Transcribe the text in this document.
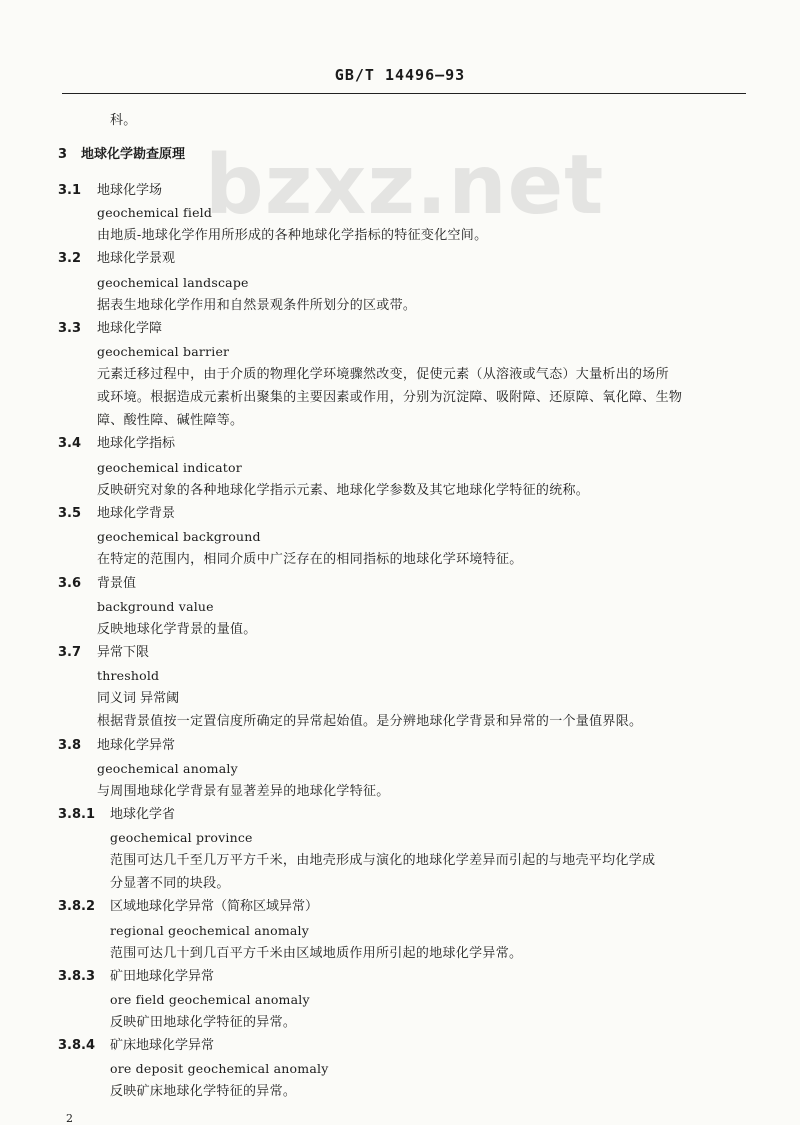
GB/T 14496—93
bzxz.net
科。
3 地球化学勘查原理
3.1 地球化学场
geochemical field
由地质-地球化学作用所形成的各种地球化学指标的特征变化空间。
3.2 地球化学景观
geochemical landscape
据表生地球化学作用和自然景观条件所划分的区或带。
3.3 地球化学障
geochemical barrier
元素迁移过程中，由于介质的物理化学环境骤然改变，促使元素（从溶液或气态）大量析出的场所
或环境。根据造成元素析出聚集的主要因素或作用，分别为沉淀障、吸附障、还原障、氧化障、生物
障、酸性障、碱性障等。
3.4 地球化学指标
geochemical indicator
反映研究对象的各种地球化学指示元素、地球化学参数及其它地球化学特征的统称。
3.5 地球化学背景
geochemical background
在特定的范围内，相同介质中广泛存在的相同指标的地球化学环境特征。
3.6 背景值
background value
反映地球化学背景的量值。
3.7 异常下限
threshold
同义词 异常阈
根据背景值按一定置信度所确定的异常起始值。是分辨地球化学背景和异常的一个量值界限。
3.8 地球化学异常
geochemical anomaly
与周围地球化学背景有显著差异的地球化学特征。
3.8.1 地球化学省
geochemical province
范围可达几千至几万平方千米，由地壳形成与演化的地球化学差异而引起的与地壳平均化学成
分显著不同的块段。
3.8.2 区域地球化学异常（简称区域异常）
regional geochemical anomaly
范围可达几十到几百平方千米由区域地质作用所引起的地球化学异常。
3.8.3 矿田地球化学异常
ore field geochemical anomaly
反映矿田地球化学特征的异常。
3.8.4 矿床地球化学异常
ore deposit geochemical anomaly
反映矿床地球化学特征的异常。
2
